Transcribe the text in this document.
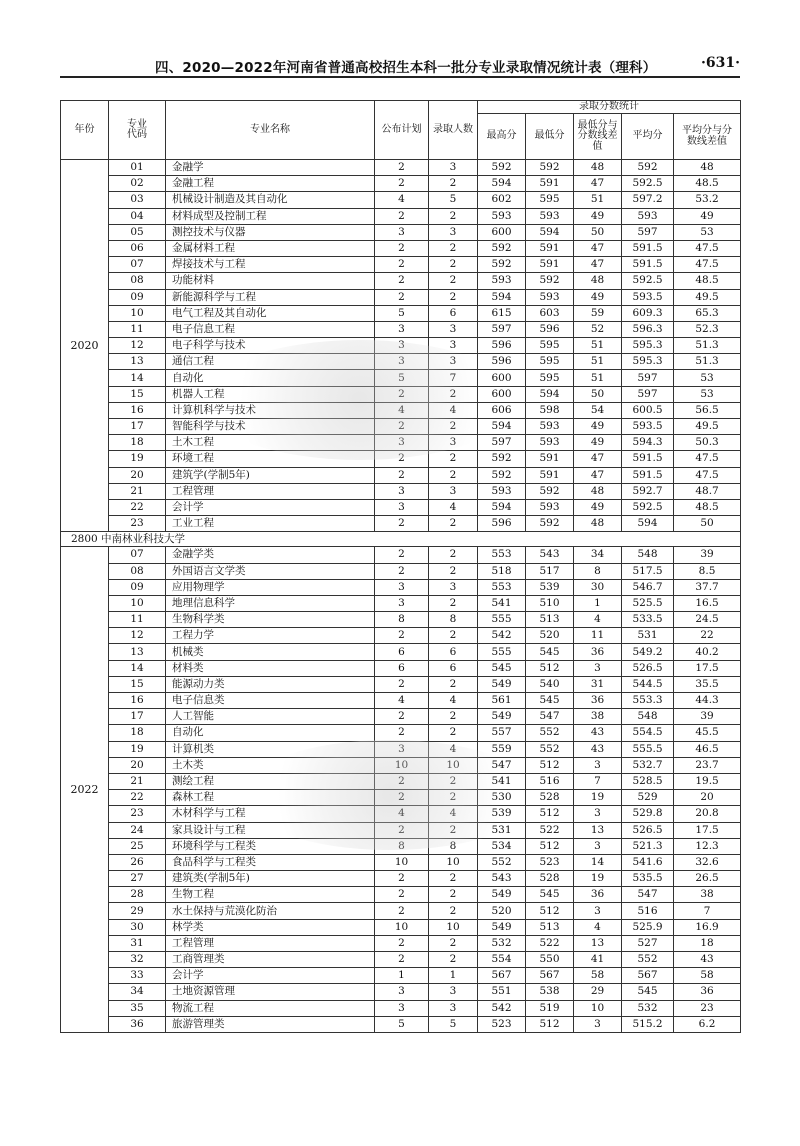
四、2020—2022年河南省普通高校招生本科一批分专业录取情况统计表（理科）	·631·
年份	专业代码	专业名称	公布计划	录取人数	录取分数统计				
					最高分	最低分	最低分与分数线差值	平均分	平均分与分数线差值
2020	01	金融学	2	3	592	592	48	592	48
	02	金融工程	2	2	594	591	47	592.5	48.5
	03	机械设计制造及其自动化	4	5	602	595	51	597.2	53.2
	04	材料成型及控制工程	2	2	593	593	49	593	49
	05	测控技术与仪器	3	3	600	594	50	597	53
	06	金属材料工程	2	2	592	591	47	591.5	47.5
	07	焊接技术与工程	2	2	592	591	47	591.5	47.5
	08	功能材料	2	2	593	592	48	592.5	48.5
	09	新能源科学与工程	2	2	594	593	49	593.5	49.5
	10	电气工程及其自动化	5	6	615	603	59	609.3	65.3
	11	电子信息工程	3	3	597	596	52	596.3	52.3
	12	电子科学与技术	3	3	596	595	51	595.3	51.3
	13	通信工程	3	3	596	595	51	595.3	51.3
	14	自动化	5	7	600	595	51	597	53
	15	机器人工程	2	2	600	594	50	597	53
	16	计算机科学与技术	4	4	606	598	54	600.5	56.5
	17	智能科学与技术	2	2	594	593	49	593.5	49.5
	18	土木工程	3	3	597	593	49	594.3	50.3
	19	环境工程	2	2	592	591	47	591.5	47.5
	20	建筑学(学制5年)	2	2	592	591	47	591.5	47.5
	21	工程管理	3	3	593	592	48	592.7	48.7
	22	会计学	3	4	594	593	49	592.5	48.5
	23	工业工程	2	2	596	592	48	594	50
2800 中南林业科技大学									
2022	07	金融学类	2	2	553	543	34	548	39
	08	外国语言文学类	2	2	518	517	8	517.5	8.5
	09	应用物理学	3	3	553	539	30	546.7	37.7
	10	地理信息科学	3	2	541	510	1	525.5	16.5
	11	生物科学类	8	8	555	513	4	533.5	24.5
	12	工程力学	2	2	542	520	11	531	22
	13	机械类	6	6	555	545	36	549.2	40.2
	14	材料类	6	6	545	512	3	526.5	17.5
	15	能源动力类	2	2	549	540	31	544.5	35.5
	16	电子信息类	4	4	561	545	36	553.3	44.3
	17	人工智能	2	2	549	547	38	548	39
	18	自动化	2	2	557	552	43	554.5	45.5
	19	计算机类	3	4	559	552	43	555.5	46.5
	20	土木类	10	10	547	512	3	532.7	23.7
	21	测绘工程	2	2	541	516	7	528.5	19.5
	22	森林工程	2	2	530	528	19	529	20
	23	木材科学与工程	4	4	539	512	3	529.8	20.8
	24	家具设计与工程	2	2	531	522	13	526.5	17.5
	25	环境科学与工程类	8	8	534	512	3	521.3	12.3
	26	食品科学与工程类	10	10	552	523	14	541.6	32.6
	27	建筑类(学制5年)	2	2	543	528	19	535.5	26.5
	28	生物工程	2	2	549	545	36	547	38
	29	水土保持与荒漠化防治	2	2	520	512	3	516	7
	30	林学类	10	10	549	513	4	525.9	16.9
	31	工程管理	2	2	532	522	13	527	18
	32	工商管理类	2	2	554	550	41	552	43
	33	会计学	1	1	567	567	58	567	58
	34	土地资源管理	3	3	551	538	29	545	36
	35	物流工程	3	3	542	519	10	532	23
	36	旅游管理类	5	5	523	512	3	515.2	6.2
